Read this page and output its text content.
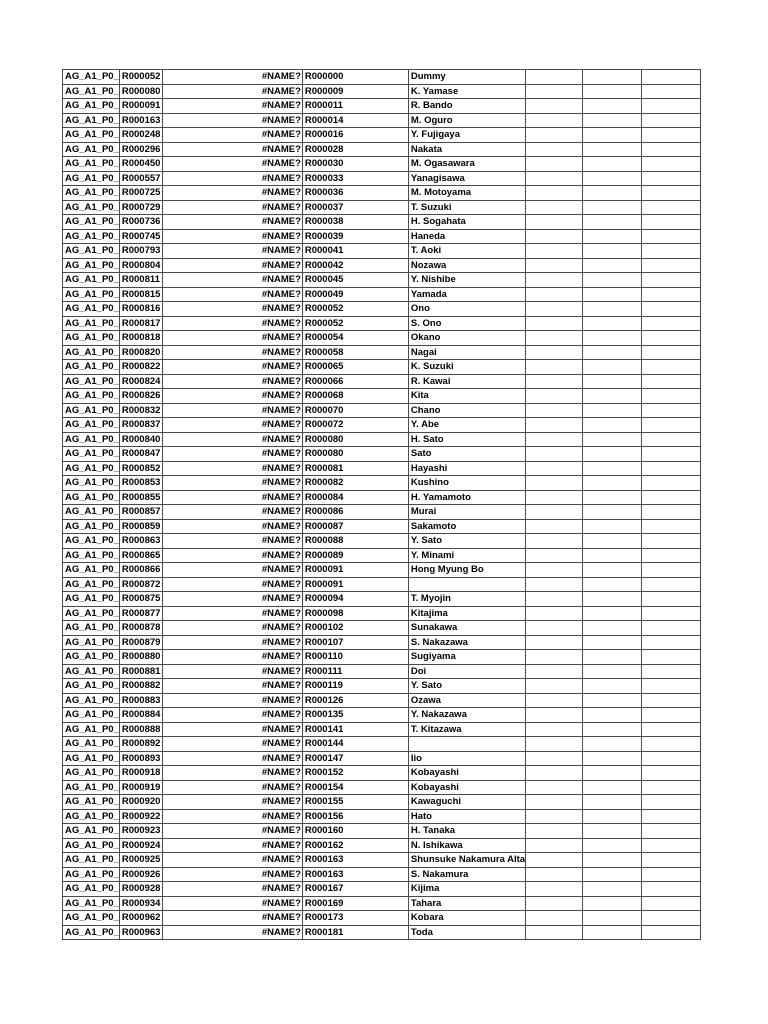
AG_A1_P0_	R000052	#NAME?	R000000	Dummy			
AG_A1_P0_	R000080	#NAME?	R000009	K. Yamase			
AG_A1_P0_	R000091	#NAME?	R000011	R. Bando			
AG_A1_P0_	R000163	#NAME?	R000014	M. Oguro			
AG_A1_P0_	R000248	#NAME?	R000016	Y. Fujigaya			
AG_A1_P0_	R000296	#NAME?	R000028	Nakata			
AG_A1_P0_	R000450	#NAME?	R000030	M. Ogasawara			
AG_A1_P0_	R000557	#NAME?	R000033	Yanagisawa			
AG_A1_P0_	R000725	#NAME?	R000036	M. Motoyama			
AG_A1_P0_	R000729	#NAME?	R000037	T. Suzuki			
AG_A1_P0_	R000736	#NAME?	R000038	H. Sogahata			
AG_A1_P0_	R000745	#NAME?	R000039	Haneda			
AG_A1_P0_	R000793	#NAME?	R000041	T. Aoki			
AG_A1_P0_	R000804	#NAME?	R000042	Nozawa			
AG_A1_P0_	R000811	#NAME?	R000045	Y. Nishibe			
AG_A1_P0_	R000815	#NAME?	R000049	Yamada			
AG_A1_P0_	R000816	#NAME?	R000052	Ono			
AG_A1_P0_	R000817	#NAME?	R000052	S. Ono			
AG_A1_P0_	R000818	#NAME?	R000054	Okano			
AG_A1_P0_	R000820	#NAME?	R000058	Nagai			
AG_A1_P0_	R000822	#NAME?	R000065	K. Suzuki			
AG_A1_P0_	R000824	#NAME?	R000066	R. Kawai			
AG_A1_P0_	R000826	#NAME?	R000068	Kita			
AG_A1_P0_	R000832	#NAME?	R000070	Chano			
AG_A1_P0_	R000837	#NAME?	R000072	Y. Abe			
AG_A1_P0_	R000840	#NAME?	R000080	H. Sato			
AG_A1_P0_	R000847	#NAME?	R000080	Sato			
AG_A1_P0_	R000852	#NAME?	R000081	Hayashi			
AG_A1_P0_	R000853	#NAME?	R000082	Kushino			
AG_A1_P0_	R000855	#NAME?	R000084	H. Yamamoto			
AG_A1_P0_	R000857	#NAME?	R000086	Murai			
AG_A1_P0_	R000859	#NAME?	R000087	Sakamoto			
AG_A1_P0_	R000863	#NAME?	R000088	Y. Sato			
AG_A1_P0_	R000865	#NAME?	R000089	Y. Minami			
AG_A1_P0_	R000866	#NAME?	R000091	Hong Myung Bo			
AG_A1_P0_	R000872	#NAME?	R000091				
AG_A1_P0_	R000875	#NAME?	R000094	T. Myojin			
AG_A1_P0_	R000877	#NAME?	R000098	Kitajima			
AG_A1_P0_	R000878	#NAME?	R000102	Sunakawa			
AG_A1_P0_	R000879	#NAME?	R000107	S. Nakazawa			
AG_A1_P0_	R000880	#NAME?	R000110	Sugiyama			
AG_A1_P0_	R000881	#NAME?	R000111	Doi			
AG_A1_P0_	R000882	#NAME?	R000119	Y. Sato			
AG_A1_P0_	R000883	#NAME?	R000126	Ozawa			
AG_A1_P0_	R000884	#NAME?	R000135	Y. Nakazawa			
AG_A1_P0_	R000888	#NAME?	R000141	T. Kitazawa			
AG_A1_P0_	R000892	#NAME?	R000144				
AG_A1_P0_	R000893	#NAME?	R000147	Iio			
AG_A1_P0_	R000918	#NAME?	R000152	Kobayashi			
AG_A1_P0_	R000919	#NAME?	R000154	Kobayashi			
AG_A1_P0_	R000920	#NAME?	R000155	Kawaguchi			
AG_A1_P0_	R000922	#NAME?	R000156	Hato			
AG_A1_P0_	R000923	#NAME?	R000160	H. Tanaka			
AG_A1_P0_	R000924	#NAME?	R000162	N. Ishikawa			
AG_A1_P0_	R000925	#NAME?	R000163	Shunsuke Nakamura Alta			
AG_A1_P0_	R000926	#NAME?	R000163	S. Nakamura			
AG_A1_P0_	R000928	#NAME?	R000167	Kijima			
AG_A1_P0_	R000934	#NAME?	R000169	Tahara			
AG_A1_P0_	R000962	#NAME?	R000173	Kobara			
AG_A1_P0_	R000963	#NAME?	R000181	Toda			
